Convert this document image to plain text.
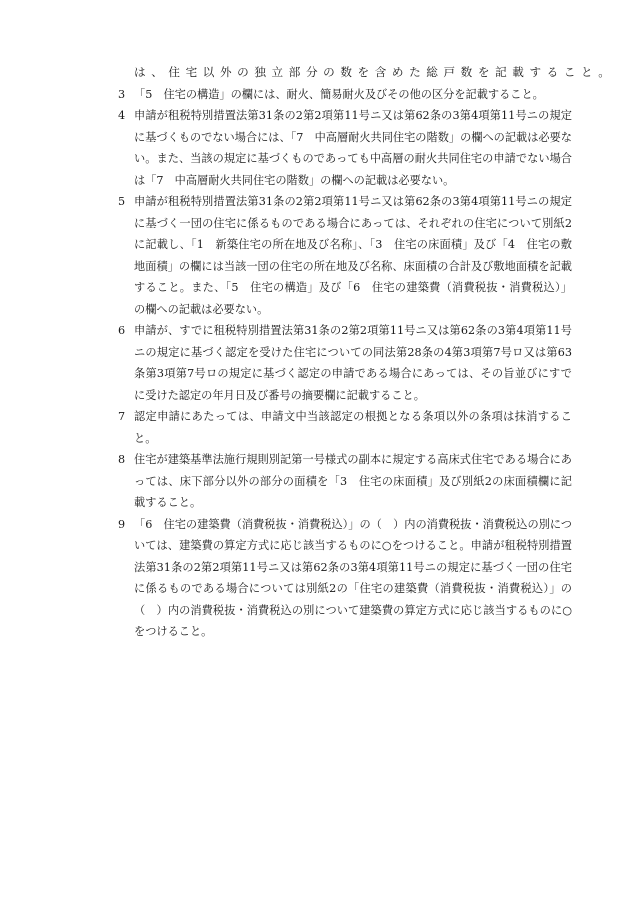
は、住宅以外の独立部分の数を含めた総戸数を記載すること。
3 「5　住宅の構造」の欄には、耐火、簡易耐火及びその他の区分を記載すること。
4 申請が租税特別措置法第31条の2第2項第11号ニ又は第62条の3第4項第11号ニの規定に基づくものでない場合には、「7　中高層耐火共同住宅の階数」の欄への記載は必要ない。また、当該の規定に基づくものであっても中高層の耐火共同住宅の申請でない場合は「7　中高層耐火共同住宅の階数」の欄への記載は必要ない。
5 申請が租税特別措置法第31条の2第2項第11号ニ又は第62条の3第4項第11号ニの規定に基づく一団の住宅に係るものである場合にあっては、それぞれの住宅について別紙2に記載し、「1　新築住宅の所在地及び名称」、「3　住宅の床面積」及び「4　住宅の敷地面積」の欄には当該一団の住宅の所在地及び名称、床面積の合計及び敷地面積を記載すること。また、「5　住宅の構造」及び「6　住宅の建築費（消費税抜・消費税込）」の欄への記載は必要ない。
6 申請が、すでに租税特別措置法第31条の2第2項第11号ニ又は第62条の3第4項第11号ニの規定に基づく認定を受けた住宅についての同法第28条の4第3項第7号ロ又は第63条第3項第7号ロの規定に基づく認定の申請である場合にあっては、その旨並びにすでに受けた認定の年月日及び番号の摘要欄に記載すること。
7 認定申請にあたっては、申請文中当該認定の根拠となる条項以外の条項は抹消すること。
8 住宅が建築基準法施行規則別記第一号様式の副本に規定する高床式住宅である場合にあっては、床下部分以外の部分の面積を「3　住宅の床面積」及び別紙2の床面積欄に記載すること。
9 「6　住宅の建築費（消費税抜・消費税込）」の（　）内の消費税抜・消費税込の別については、建築費の算定方式に応じ該当するものに○をつけること。申請が租税特別措置法第31条の2第2項第11号ニ又は第62条の3第4項第11号ニの規定に基づく一団の住宅に係るものである場合については別紙2の「住宅の建築費（消費税抜・消費税込）」の（　）内の消費税抜・消費税込の別について建築費の算定方式に応じ該当するものに○をつけること。
